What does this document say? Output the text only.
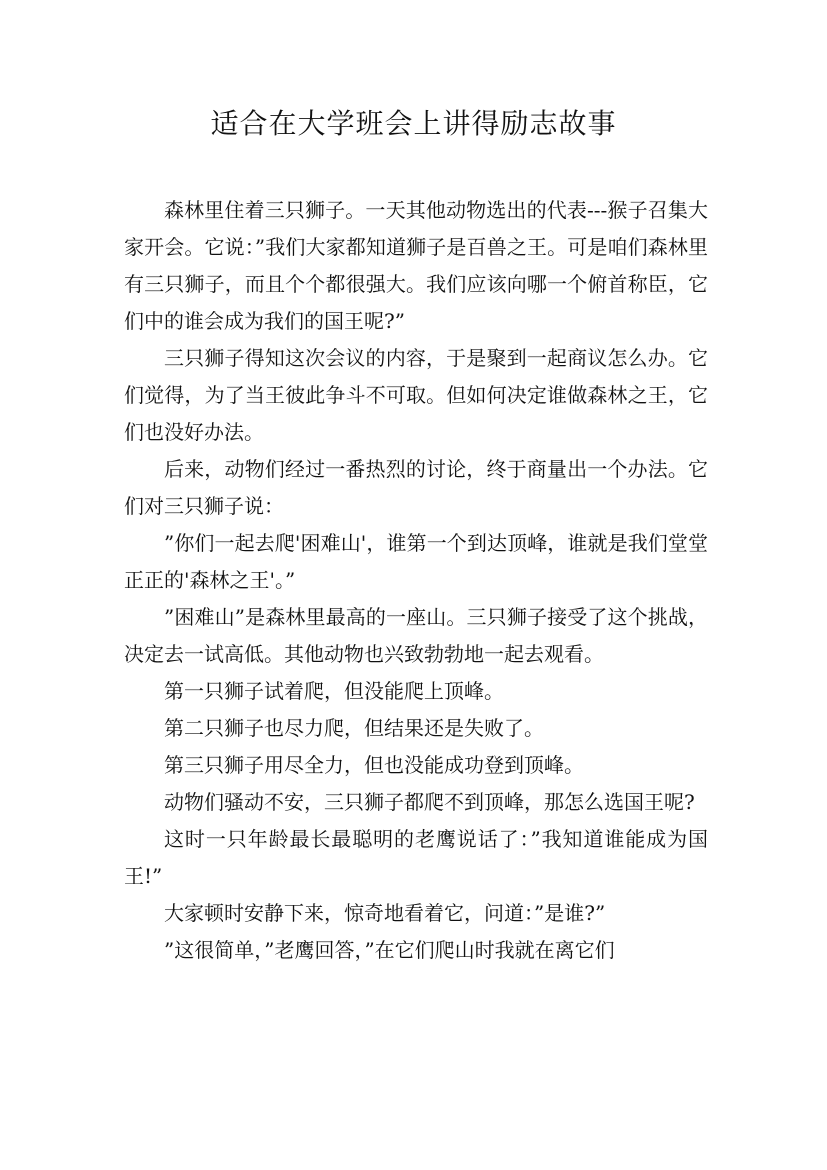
适合在大学班会上讲得励志故事

森林里住着三只狮子。一天其他动物选出的代表---猴子召集大家开会。它说：”我们大家都知道狮子是百兽之王。可是咱们森林里有三只狮子，而且个个都很强大。我们应该向哪一个俯首称臣，它们中的谁会成为我们的国王呢?”

三只狮子得知这次会议的内容，于是聚到一起商议怎么办。它们觉得，为了当王彼此争斗不可取。但如何决定谁做森林之王，它们也没好办法。

后来，动物们经过一番热烈的讨论，终于商量出一个办法。它们对三只狮子说：

”你们一起去爬'困难山'，谁第一个到达顶峰，谁就是我们堂堂正正的'森林之王'。”

”困难山”是森林里最高的一座山。三只狮子接受了这个挑战，决定去一试高低。其他动物也兴致勃勃地一起去观看。

第一只狮子试着爬，但没能爬上顶峰。

第二只狮子也尽力爬，但结果还是失败了。

第三只狮子用尽全力，但也没能成功登到顶峰。

动物们骚动不安，三只狮子都爬不到顶峰，那怎么选国王呢?

这时一只年龄最长最聪明的老鹰说话了：”我知道谁能成为国王!”

大家顿时安静下来，惊奇地看着它，问道：”是谁?”

”这很简单，”老鹰回答，”在它们爬山时我就在离它们
